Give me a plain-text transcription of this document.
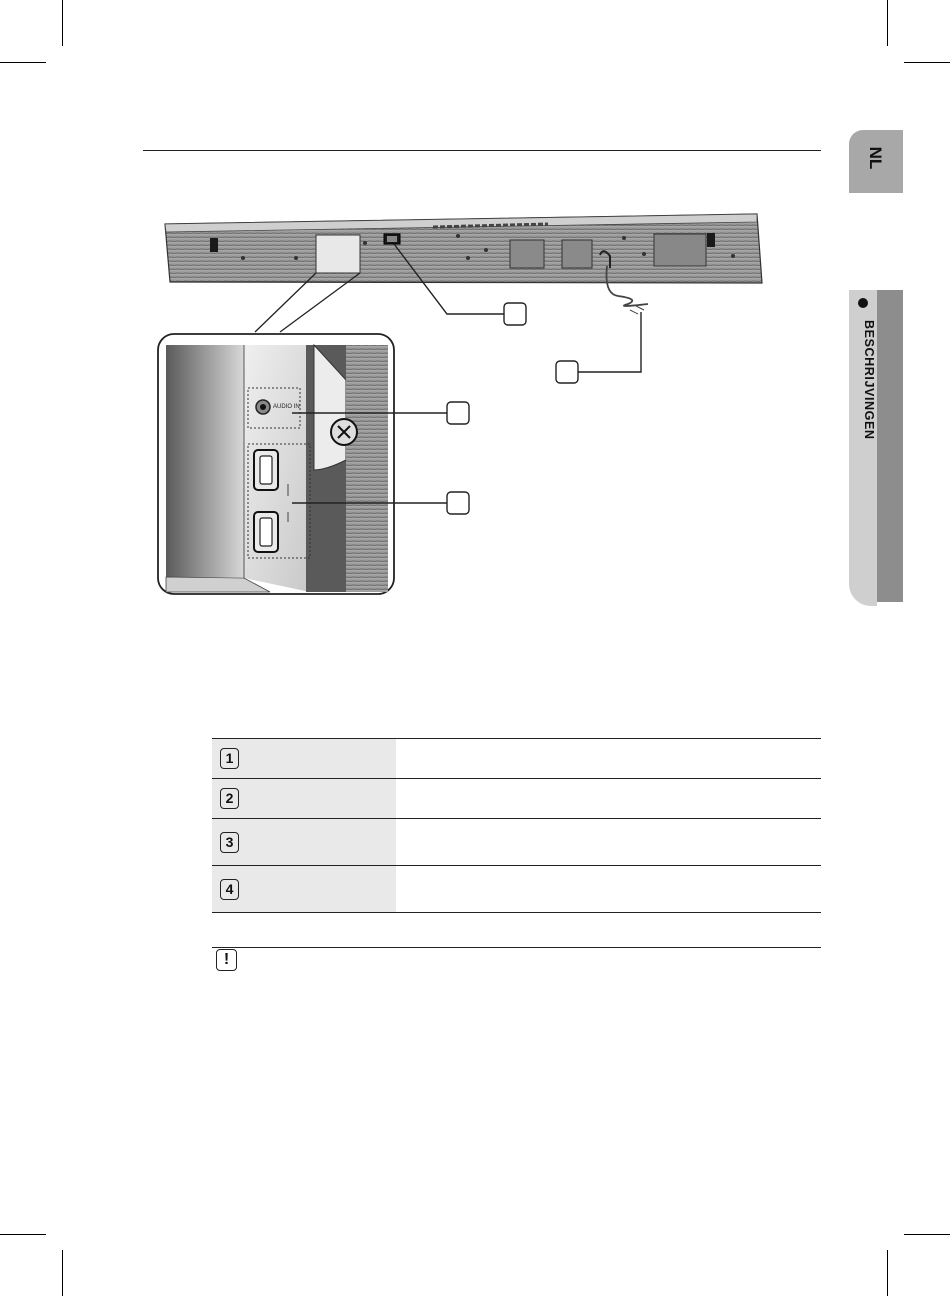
NL
BESCHRIJVINGEN
AUDIO IN
1	
2	
3	
4	
!
